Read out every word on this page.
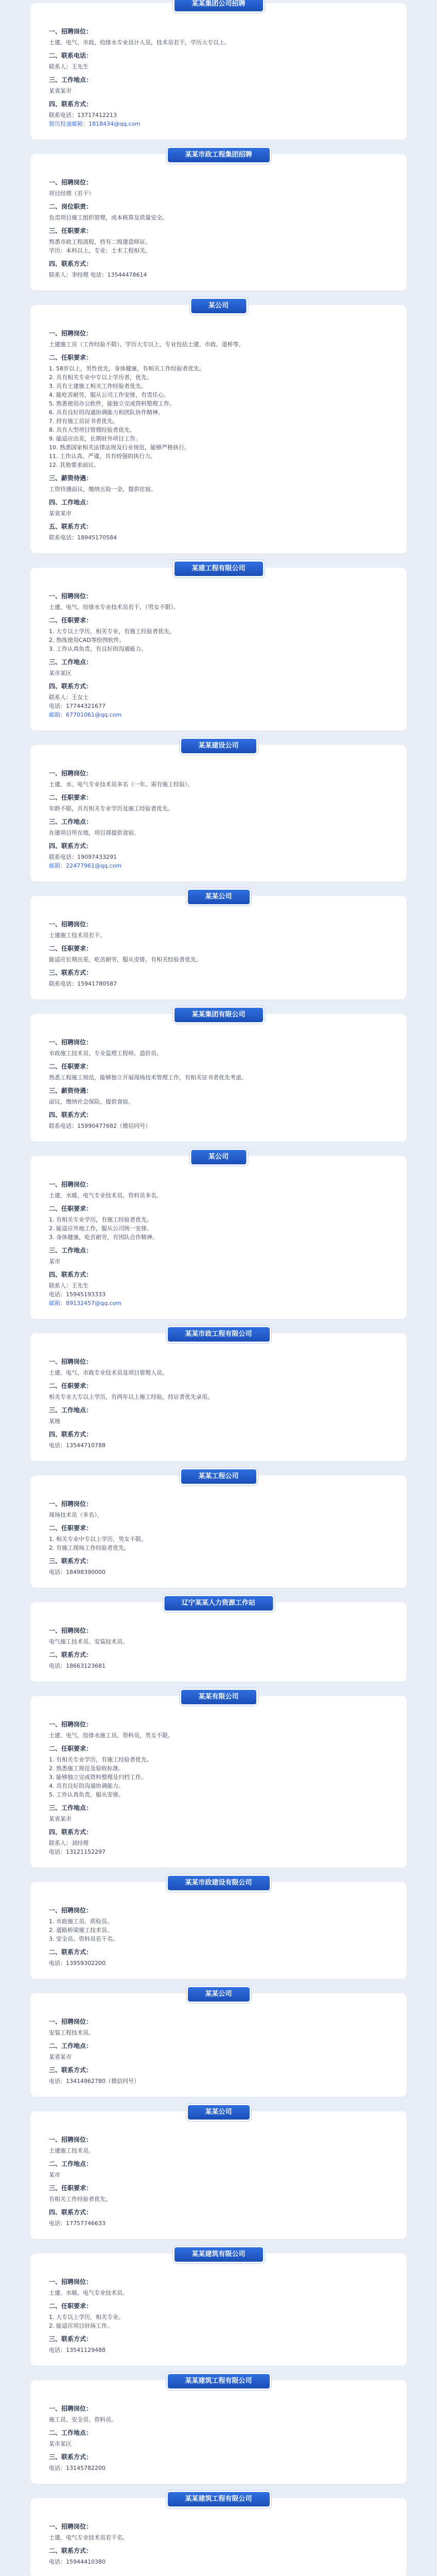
某某集团公司招聘
一、招聘岗位：
土建、电气、市政、给排水专业设计人员，技术员若干，学历大专以上。
二、联系电话：
联系人：王先生
三、工作地点：
某省某市
四、联系方式：
联系电话：13717412213
简历投递邮箱：1818434@qq.com
某某市政工程集团招聘
一、招聘岗位：
项目经理（若干）
二、岗位职责：
负责项目施工组织管理，成本核算及质量安全。
三、任职要求：
熟悉市政工程流程，持有二级建造师证。
学历：本科以上，专业：土木工程相关。
四、联系方式：
联系人：李经理 电话：13544478614
某公司
一、招聘岗位：
土建施工员（工作经验不限），学历大专以上，专业包括土建、市政、道桥等。
二、任职要求：
1. 58岁以上，男性优先，身体健康，有相关工作经验者优先。
2. 具有相关专业中专以上学历者，优先。
3. 具有土建施工相关工作经验者优先。
4. 能吃苦耐劳，服从公司工作安排，有责任心。
5. 熟悉使用办公软件，能独立完成资料整理工作。
6. 具有良好的沟通协调能力和团队协作精神。
7. 持有施工员证书者优先。
8. 具有大型项目管理经验者优先。
9. 能适应出差，长期驻外项目工作。
10. 熟悉国家相关法律法规及行业规范，能够严格执行。
11. 工作认真、严谨，具有较强的执行力。
12. 其他要求面议。
三、薪资待遇：
工资待遇面议，缴纳五险一金，提供住宿。
四、工作地点：
某省某市
五、联系方式：
联系电话：18945170584
某建工程有限公司
一、招聘岗位：
土建、电气、给排水专业技术员若干，（男女不限）。
二、任职要求：
1. 大专以上学历，相关专业，有施工经验者优先。
2. 熟练使用CAD等绘图软件。
3. 工作认真负责，有良好的沟通能力。
三、工作地点：
某市某区
四、联系方式：
联系人：王女士
电话：17744321677
邮箱：67701061@qq.com
某某建设公司
一、招聘岗位：
土建、水、电气专业技术员多名（一年、需有施工经验）。
二、任职要求：
年龄不限，具有相关专业学历及施工经验者优先。
三、工作地点：
在建项目所在地，项目部提供食宿。
四、联系方式：
联系电话：19097433291
邮箱：22477961@qq.com
某某公司
一、招聘岗位：
土建施工技术员若干。
二、任职要求：
能适应长期出差，吃苦耐劳，服从安排，有相关经验者优先。
三、联系方式：
联系电话：15941780587
某某集团有限公司
一、招聘岗位：
市政施工技术员、专业监理工程师、造价员。
二、任职要求：
熟悉工程施工规范，能够独立开展现场技术管理工作，有相关证书者优先考虑。
三、薪资待遇：
面议，缴纳社会保险，提供食宿。
四、联系方式：
联系电话：15990477682（微信同号）
某公司
一、招聘岗位：
土建、水暖、电气专业技术员、资料员多名。
二、任职要求：
1. 有相关专业学历，有施工经验者优先。
2. 能适应外地工作，服从公司统一安排。
3. 身体健康，吃苦耐劳，有团队合作精神。
三、工作地点：
某市
四、联系方式：
联系人：王先生
电话：15945193333
邮箱：89132457@qq.com
某某市政工程有限公司
一、招聘岗位：
土建、电气、市政专业技术员及项目管理人员。
二、任职要求：
相关专业大专以上学历，有两年以上施工经验，持证者优先录用。
三、工作地点：
某地
四、联系方式：
电话：13544710788
某某工程公司
一、招聘岗位：
现场技术员（多名）。
二、任职要求：
1. 相关专业中专以上学历，男女不限。
2. 有施工现场工作经验者优先。
三、联系方式：
电话：18498390000
辽宁某某人力资源工作站
一、招聘岗位：
电气施工技术员、安装技术员。
二、联系方式：
电话：18663123681
某某有限公司
一、招聘岗位：
土建、电气、给排水施工员、资料员，男女不限。
二、任职要求：
1. 有相关专业学历，有施工经验者优先。
2. 熟悉施工规范及验收标准。
3. 能够独立完成资料整理及归档工作。
4. 具有良好的沟通协调能力。
5. 工作认真负责，服从安排。
三、工作地点：
某省某市
四、联系方式：
联系人：刘经理
电话：13121152297
某某市政建设有限公司
一、招聘岗位：
1. 市政施工员、质检员。
2. 道路桥梁施工技术员。
3. 安全员、资料员若干名。
二、联系方式：
电话：13959302200
某某公司
一、招聘岗位：
安装工程技术员。
二、工作地点：
某省某市
三、联系方式：
电话：13414962780（微信同号）
某某公司
一、招聘岗位：
土建施工技术员。
二、工作地点：
某市
三、任职要求：
有相关工作经验者优先。
四、联系方式：
电话：17757746633
某某建筑有限公司
一、招聘岗位：
土建、水暖、电气专业技术员。
二、任职要求：
1. 大专以上学历，相关专业。
2. 能适应项目驻场工作。
三、联系方式：
电话：13541129488
某某建筑工程有限公司
一、招聘岗位：
施工员、安全员、资料员。
二、工作地点：
某市某区
三、联系方式：
电话：13145782200
某某建筑工程有限公司
一、招聘岗位：
土建、电气专业技术员若干名。
二、联系方式：
电话：15944410380
